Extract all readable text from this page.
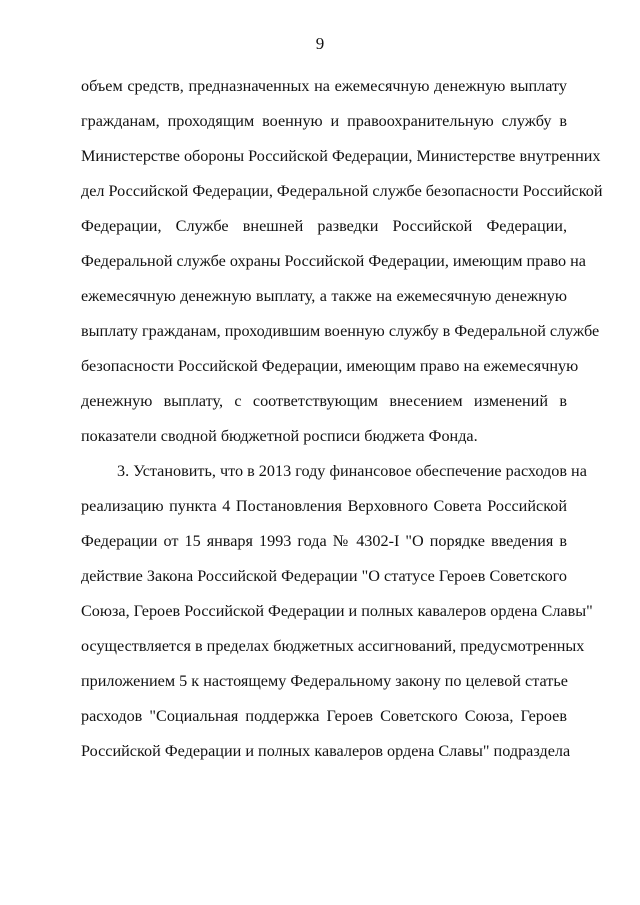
9
объем средств, предназначенных на ежемесячную денежную выплату
гражданам, проходящим военную и правоохранительную службу в
Министерстве обороны Российской Федерации, Министерстве внутренних
дел Российской Федерации, Федеральной службе безопасности Российской
Федерации, Службе внешней разведки Российской Федерации,
Федеральной службе охраны Российской Федерации, имеющим право на
ежемесячную денежную выплату, а также на ежемесячную денежную
выплату гражданам, проходившим военную службу в Федеральной службе
безопасности Российской Федерации, имеющим право на ежемесячную
денежную выплату, с соответствующим внесением изменений в
показатели сводной бюджетной росписи бюджета Фонда.
3. Установить, что в 2013 году финансовое обеспечение расходов на
реализацию пункта 4 Постановления Верховного Совета Российской
Федерации от 15 января 1993 года № 4302-I "О порядке введения в
действие Закона Российской Федерации "О статусе Героев Советского
Союза, Героев Российской Федерации и полных кавалеров ордена Славы"
осуществляется в пределах бюджетных ассигнований, предусмотренных
приложением 5 к настоящему Федеральному закону по целевой статье
расходов "Социальная поддержка Героев Советского Союза, Героев
Российской Федерации и полных кавалеров ордена Славы" подраздела
